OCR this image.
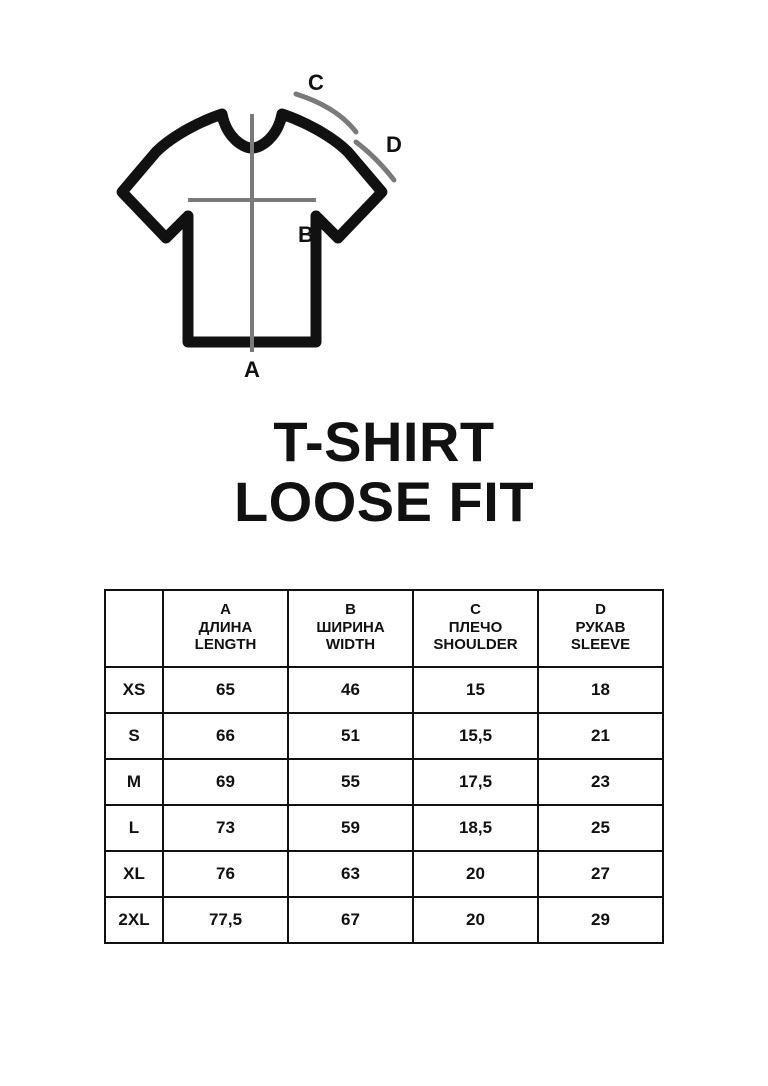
A
B
C
D
T-SHIRT
LOOSE FIT

	A
ДЛИНА
LENGTH	B
ШИРИНА
WIDTH	C
ПЛЕЧО
SHOULDER	D
РУКАВ
SLEEVE

XS	65	46	15	18
S	66	51	15,5	21
M	69	55	17,5	23
L	73	59	18,5	25
XL	76	63	20	27
2XL	77,5	67	20	29
